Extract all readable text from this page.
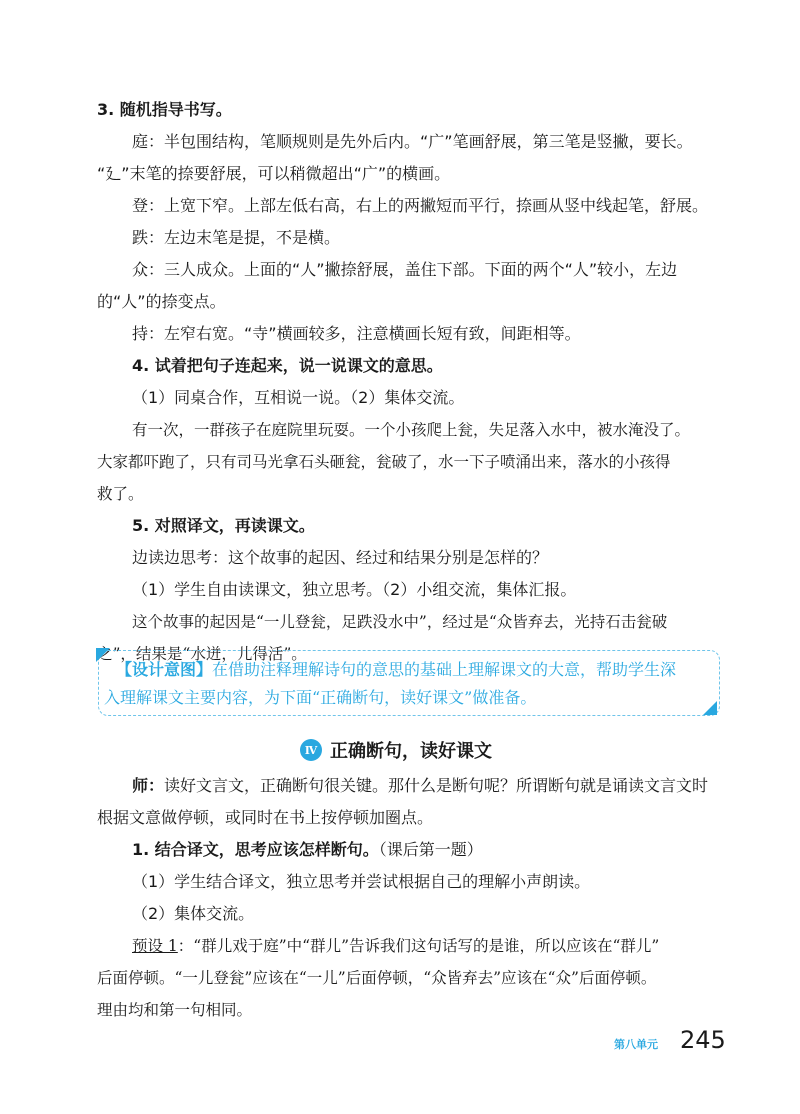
3. 随机指导书写。
庭：半包围结构，笔顺规则是先外后内。“广”笔画舒展，第三笔是竖撇，要长。
“廴”末笔的捺要舒展，可以稍微超出“广”的横画。
登：上宽下窄。上部左低右高，右上的两撇短而平行，捺画从竖中线起笔，舒展。
跌：左边末笔是提，不是横。
众：三人成众。上面的“人”撇捺舒展，盖住下部。下面的两个“人”较小，左边
的“人”的捺变点。
持：左窄右宽。“寺”横画较多，注意横画长短有致，间距相等。
4. 试着把句子连起来，说一说课文的意思。
（1）同桌合作，互相说一说。（2）集体交流。
有一次，一群孩子在庭院里玩耍。一个小孩爬上瓮，失足落入水中，被水淹没了。
大家都吓跑了，只有司马光拿石头砸瓮，瓮破了，水一下子喷涌出来，落水的小孩得
救了。
5. 对照译文，再读课文。
边读边思考：这个故事的起因、经过和结果分别是怎样的？
（1）学生自由读课文，独立思考。（2）小组交流，集体汇报。
这个故事的起因是“一儿登瓮，足跌没水中”，经过是“众皆弃去，光持石击瓮破
之”，结果是“水迸，儿得活”。
【设计意图】在借助注释理解诗句的意思的基础上理解课文的大意，帮助学生深
入理解课文主要内容，为下面“正确断句，读好课文”做准备。
Ⅳ 正确断句，读好课文
师：读好文言文，正确断句很关键。那什么是断句呢？所谓断句就是诵读文言文时
根据文意做停顿，或同时在书上按停顿加圈点。
1. 结合译文，思考应该怎样断句。（课后第一题）
（1）学生结合译文，独立思考并尝试根据自己的理解小声朗读。
（2）集体交流。
预设 1：“群儿戏于庭”中“群儿”告诉我们这句话写的是谁，所以应该在“群儿”
后面停顿。“一儿登瓮”应该在“一儿”后面停顿，“众皆弃去”应该在“众”后面停顿。
理由均和第一句相同。
第八单元 245
